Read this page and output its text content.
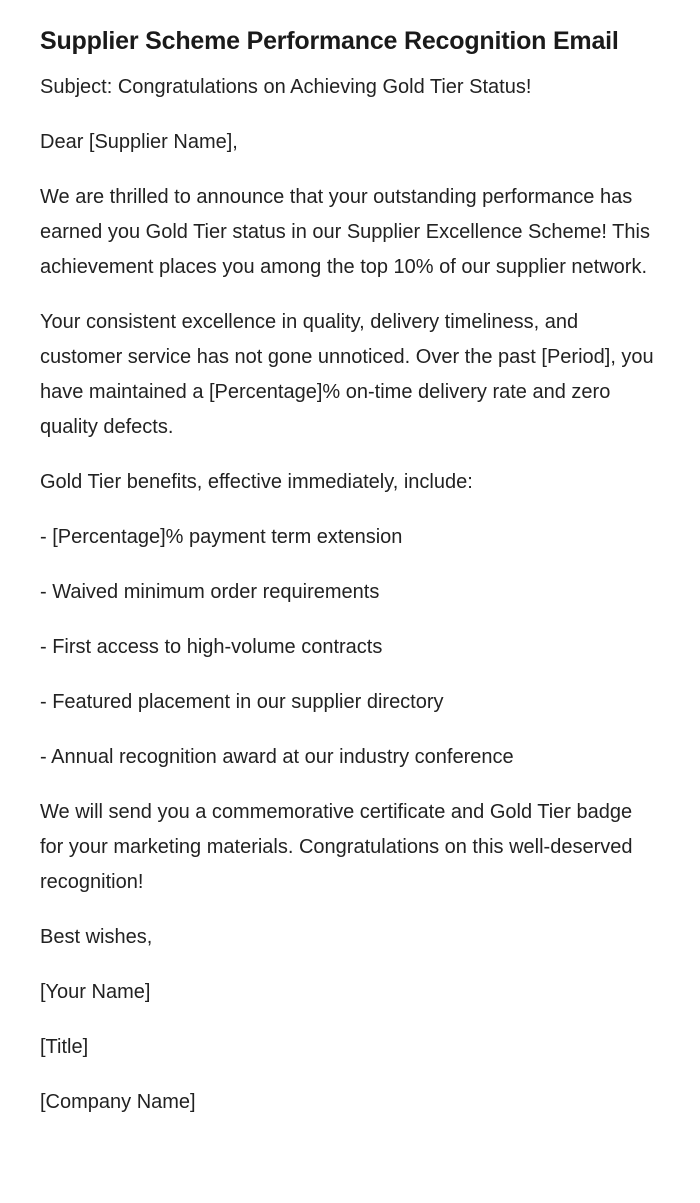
Supplier Scheme Performance Recognition Email

Subject: Congratulations on Achieving Gold Tier Status!

Dear [Supplier Name],

We are thrilled to announce that your outstanding performance has earned you Gold Tier status in our Supplier Excellence Scheme! This achievement places you among the top 10% of our supplier network.

Your consistent excellence in quality, delivery timeliness, and customer service has not gone unnoticed. Over the past [Period], you have maintained a [Percentage]% on-time delivery rate and zero quality defects.

Gold Tier benefits, effective immediately, include:

- [Percentage]% payment term extension
- Waived minimum order requirements
- First access to high-volume contracts
- Featured placement in our supplier directory
- Annual recognition award at our industry conference

We will send you a commemorative certificate and Gold Tier badge for your marketing materials. Congratulations on this well-deserved recognition!

Best wishes,

[Your Name]

[Title]

[Company Name]
